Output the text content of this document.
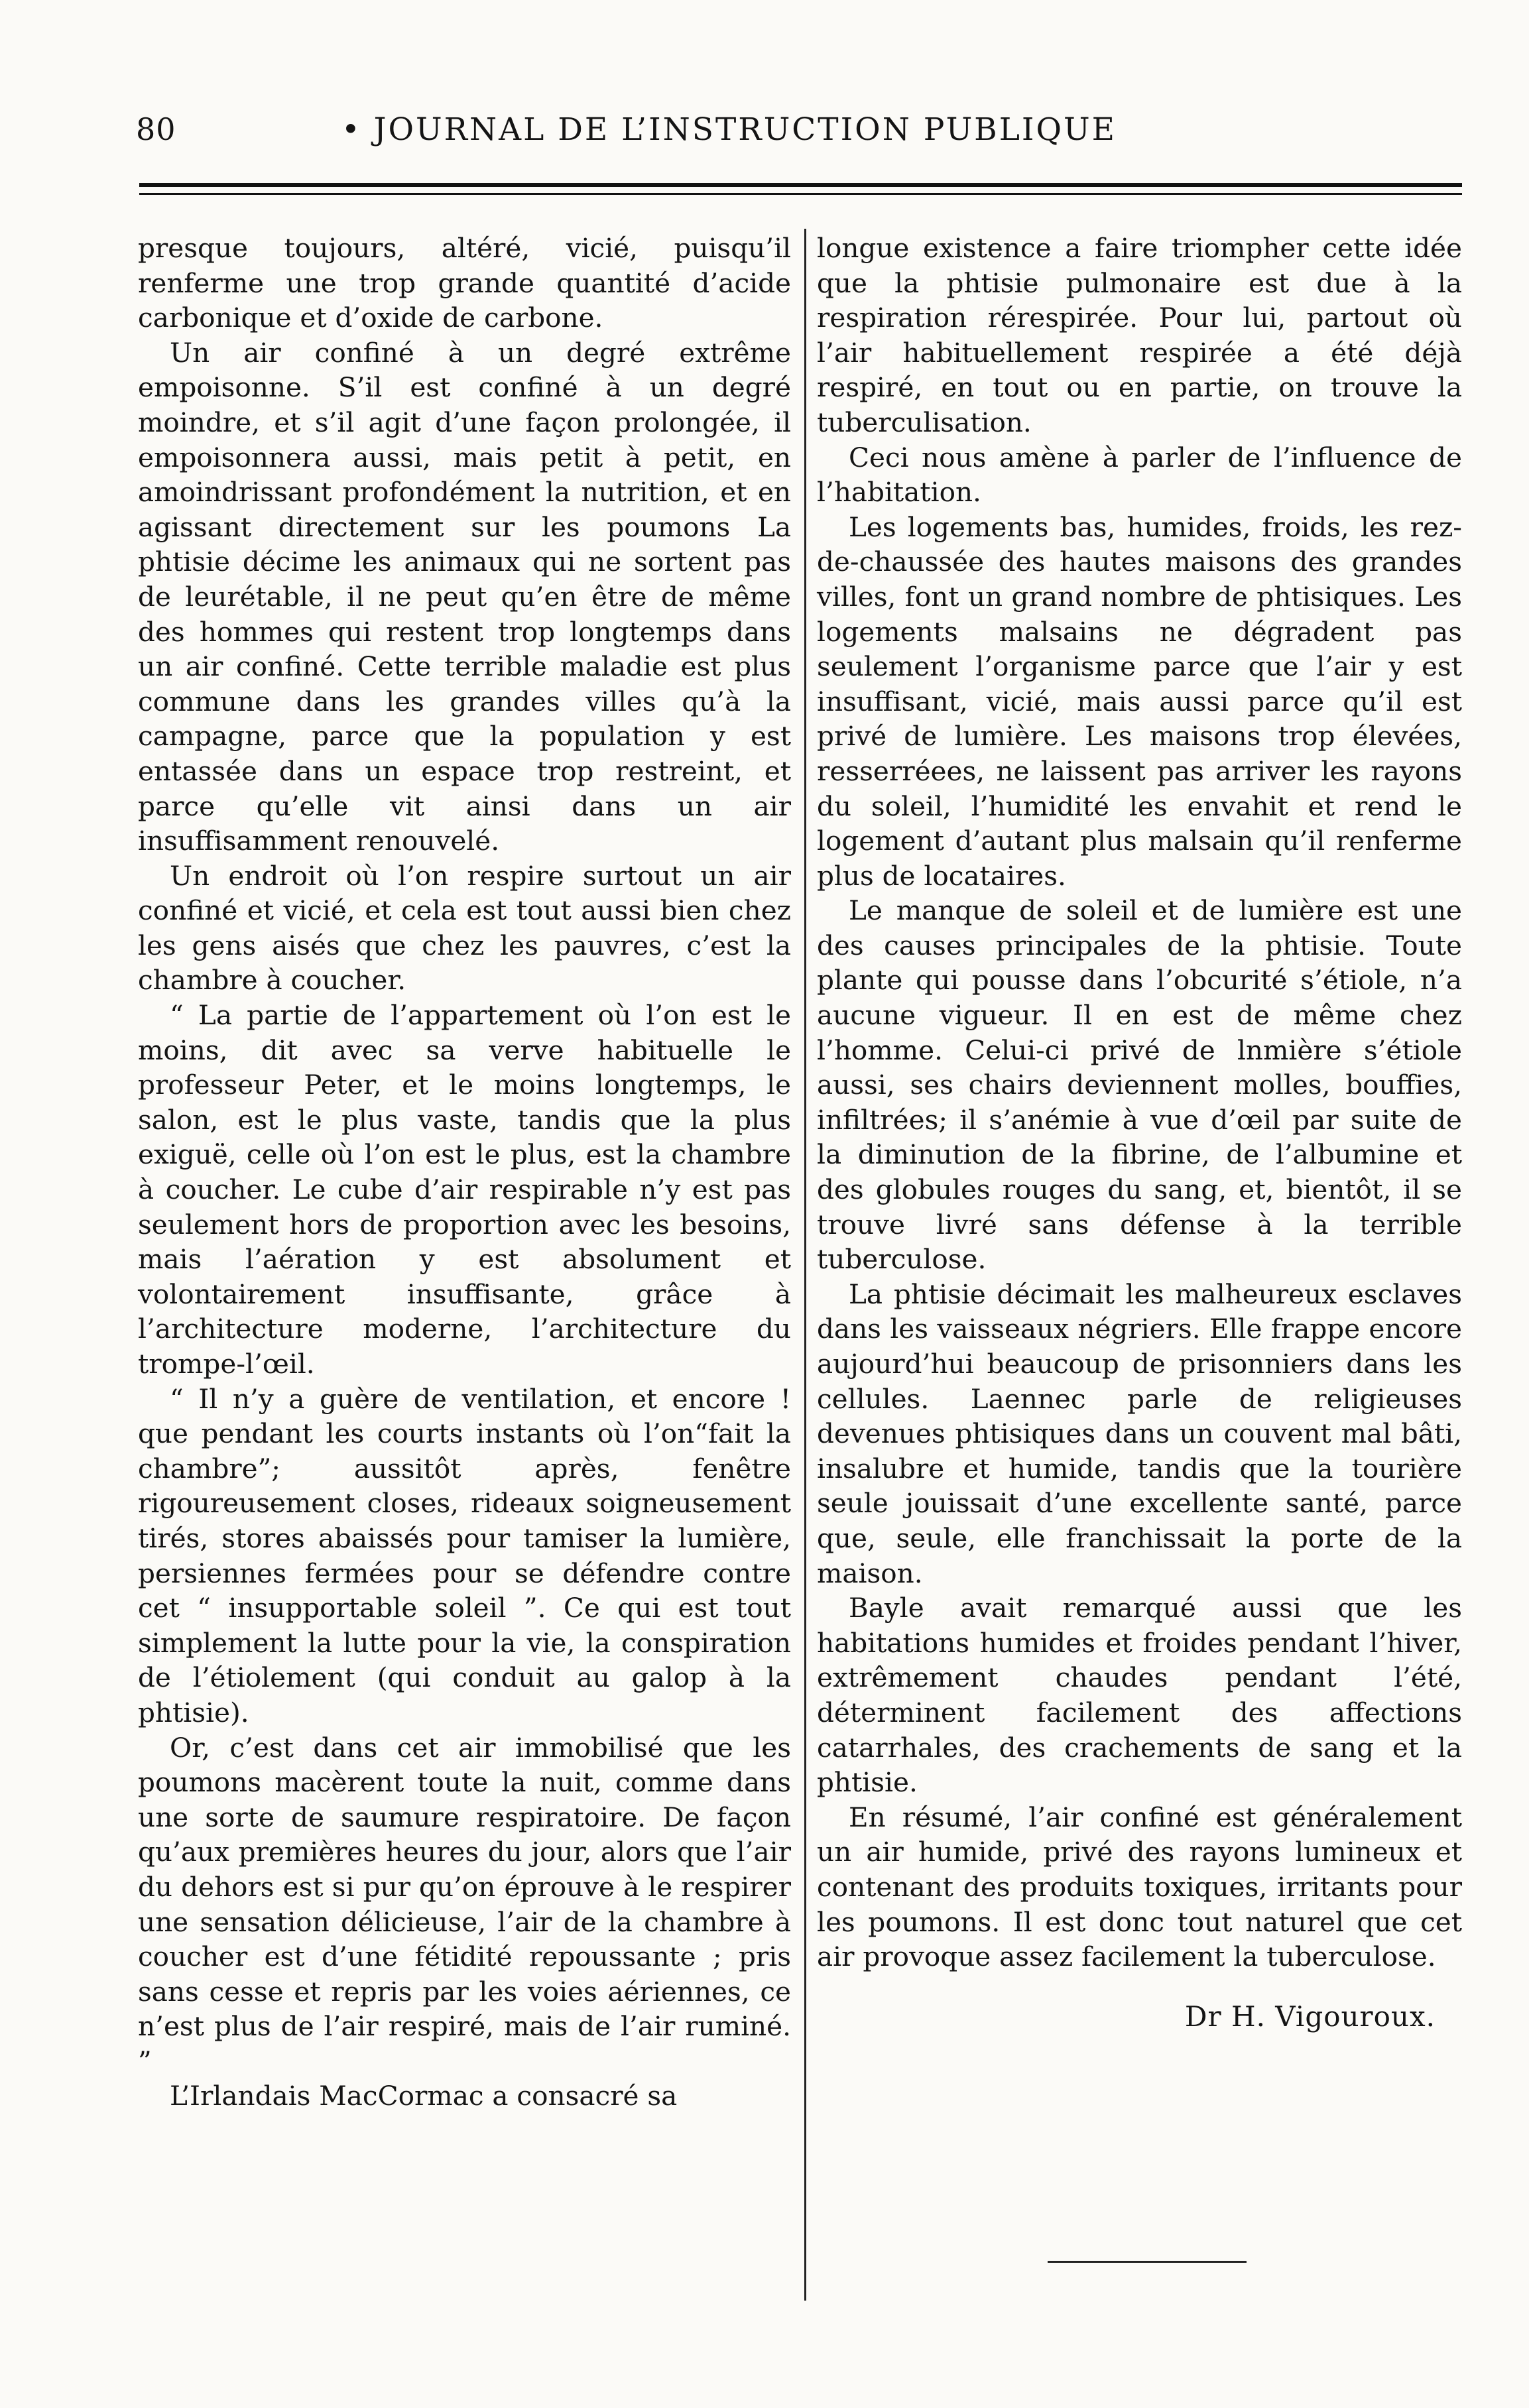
80	• JOURNAL DE L’INSTRUCTION PUBLIQUE

presque toujours, altéré, vicié, puisqu’il renferme une trop grande quantité d’acide carbonique et d’oxide de carbone.

Un air confiné à un degré extrême empoisonne. S’il est confiné à un degré moindre, et s’il agit d’une façon prolongée, il empoisonnera aussi, mais petit à petit, en amoindrissant profondément la nutrition, et en agissant directement sur les poumons La phtisie décime les animaux qui ne sortent pas de leurétable, il ne peut qu’en être de même des hommes qui restent trop longtemps dans un air confiné. Cette terrible maladie est plus commune dans les grandes villes qu’à la campagne, parce que la population y est entassée dans un espace trop restreint, et parce qu’elle vit ainsi dans un air insuffisamment renouvelé.

Un endroit où l’on respire surtout un air confiné et vicié, et cela est tout aussi bien chez les gens aisés que chez les pauvres, c’est la chambre à coucher.

“ La partie de l’appartement où l’on est le moins, dit avec sa verve habituelle le professeur Peter, et le moins longtemps, le salon, est le plus vaste, tandis que la plus exiguë, celle où l’on est le plus, est la chambre à coucher. Le cube d’air respirable n’y est pas seulement hors de proportion avec les besoins, mais l’aération y est absolument et volontairement insuffisante, grâce à l’architecture moderne, l’architecture du trompe-l’œil.

“ Il n’y a guère de ventilation, et encore ! que pendant les courts instants où l’on“fait la chambre”; aussitôt après, fenêtre rigoureusement closes, rideaux soigneusement tirés, stores abaissés pour tamiser la lumière, persiennes fermées pour se défendre contre cet “ insupportable soleil ”. Ce qui est tout simplement la lutte pour la vie, la conspiration de l’étiolement (qui conduit au galop à la phtisie).

Or, c’est dans cet air immobilisé que les poumons macèrent toute la nuit, comme dans une sorte de saumure respiratoire. De façon qu’aux premières heures du jour, alors que l’air du dehors est si pur qu’on éprouve à le respirer une sensation délicieuse, l’air de la chambre à coucher est d’une fétidité repoussante ; pris sans cesse et repris par les voies aériennes, ce n’est plus de l’air respiré, mais de l’air ruminé. ”

L’Irlandais MacCormac a consacré sa

longue existence a faire triompher cette idée que la phtisie pulmonaire est due à la respiration rérespirée. Pour lui, partout où l’air habituellement respirée a été déjà respiré, en tout ou en partie, on trouve la tuberculisation.

Ceci nous amène à parler de l’influence de l’habitation.

Les logements bas, humides, froids, les rez-de-chaussée des hautes maisons des grandes villes, font un grand nombre de phtisiques. Les logements malsains ne dégradent pas seulement l’organisme parce que l’air y est insuffisant, vicié, mais aussi parce qu’il est privé de lumière. Les maisons trop élevées, resserréees, ne laissent pas arriver les rayons du soleil, l’humidité les envahit et rend le logement d’autant plus malsain qu’il renferme plus de locataires.

Le manque de soleil et de lumière est une des causes principales de la phtisie. Toute plante qui pousse dans l’obcurité s’étiole, n’a aucune vigueur. Il en est de même chez l’homme. Celui-ci privé de lnmière s’étiole aussi, ses chairs deviennent molles, bouffies, infiltrées; il s’anémie à vue d’œil par suite de la diminution de la fibrine, de l’albumine et des globules rouges du sang, et, bientôt, il se trouve livré sans défense à la terrible tuberculose.

La phtisie décimait les malheureux esclaves dans les vaisseaux négriers. Elle frappe encore aujourd’hui beaucoup de prisonniers dans les cellules. Laennec parle de religieuses devenues phtisiques dans un couvent mal bâti, insalubre et humide, tandis que la tourière seule jouissait d’une excellente santé, parce que, seule, elle franchissait la porte de la maison.

Bayle avait remarqué aussi que les habitations humides et froides pendant l’hiver, extrêmement chaudes pendant l’été, déterminent facilement des affections catarrhales, des crachements de sang et la phtisie.

En résumé, l’air confiné est généralement un air humide, privé des rayons lumineux et contenant des produits toxiques, irritants pour les poumons. Il est donc tout naturel que cet air provoque assez facilement la tuberculose.

Dr H. Vigouroux.
